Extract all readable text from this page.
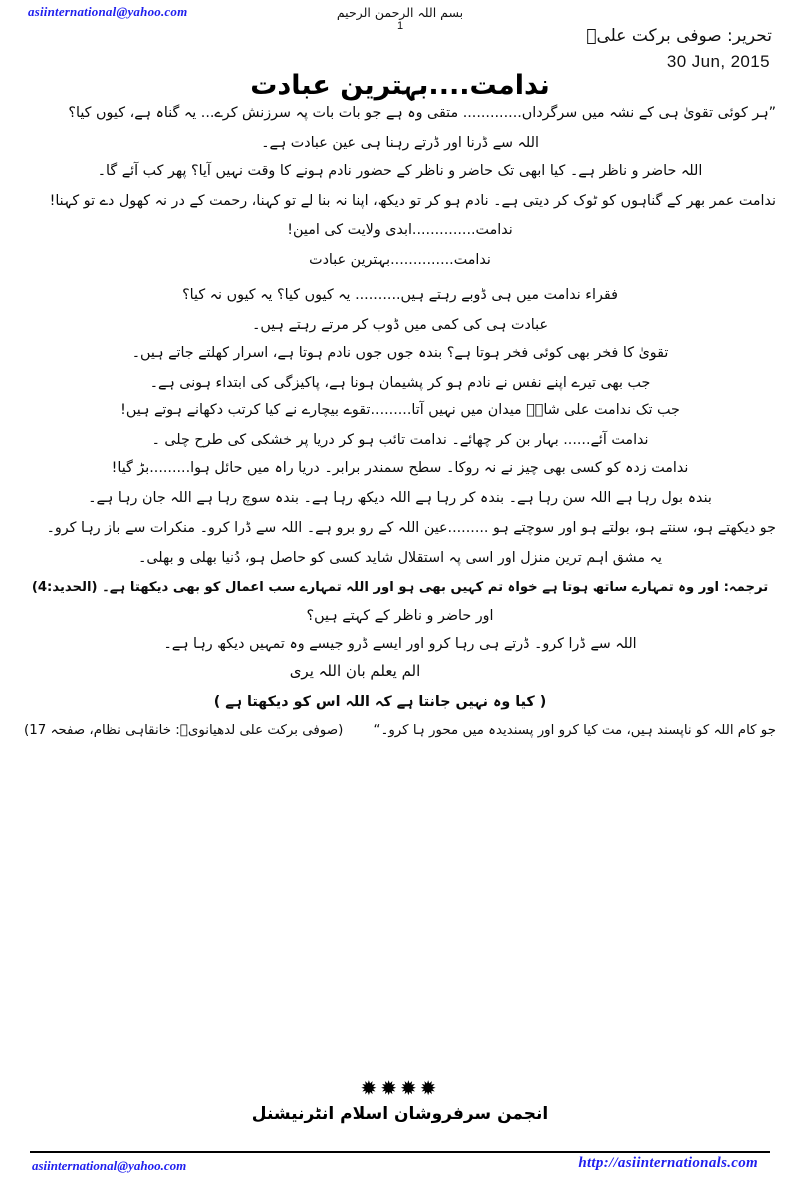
asiinternational@yahoo.com	بسم اللہ الرحمن الرحیم
1	تحریر: صوفی برکت علیؒ
30 Jun, 2015
ندامت....بہترین عبادت

”ہر کوئی تقویٰ ہی کے نشہ میں سرگرداں............. متقی وہ ہے جو بات بات پہ سرزنش کرے... یہ گناہ ہے، کیوں کیا؟

اللہ سے ڈرنا اور ڈرتے رہنا ہی عین عبادت ہے۔

اللہ حاضر و ناظر ہے۔ کیا ابھی تک حاضر و ناظر کے حضور نادم ہونے کا وقت نہیں آیا؟ پھر کب آئے گا۔

ندامت عمر بھر کے گناہوں کو ٹوک کر دیتی ہے۔ نادم ہو کر تو دیکھ، اپنا نہ بنا لے تو کہنا، رحمت کے در نہ کھول دے تو کہنا!

ندامت..............ابدی ولایت کی امین!

ندامت..............بہترین عبادت

فقراء ندامت میں ہی ڈوبے رہتے ہیں.......... یہ کیوں کیا؟ یہ کیوں نہ کیا؟

عبادت ہی کی کمی میں ڈوب کر مرتے رہتے ہیں۔

تقویٰ کا فخر بھی کوئی فخر ہوتا ہے؟ بندہ جوں جوں نادم ہوتا ہے، اسرار کھلتے جاتے ہیں۔

جب بھی تیرے اپنے نفس نے نادم ہو کر پشیمان ہونا ہے، پاکیزگی کی ابتداء ہونی ہے۔

جب تک ندامت علی شاہؑ میدان میں نہیں آتا.........تقوے بیچارے نے کیا کرتب دکھانے ہوتے ہیں!

ندامت آئے...... بہار بن کر چھائے۔ ندامت تائب ہو کر دریا پر خشکی کی طرح چلی ۔

ندامت زدہ کو کسی بھی چیز نے نہ روکا۔ سطح سمندر برابر۔ دریا راہ میں حائل ہوا.........بڑ گیا!

بندہ بول رہا ہے اللہ سن رہا ہے۔ بندہ کر رہا ہے اللہ دیکھ رہا ہے۔ بندہ سوچ رہا ہے اللہ جان رہا ہے۔

جو دیکھتے ہو، سنتے ہو، بولتے ہو اور سوچتے ہو .........عین اللہ کے رو برو ہے۔ اللہ سے ڈرا کرو۔ منکرات سے باز رہا کرو۔

یہ مشق اہم ترین منزل اور اسی پہ استقلال شاید کسی کو حاصل ہو، دُنیا بھلی و بھلی۔

ترجمہ: اور وہ تمہارے ساتھ ہوتا ہے خواہ تم کہیں بھی ہو اور اللہ تمہارے سب اعمال کو بھی دیکھتا ہے۔ (الحدید:4)

اور حاضر و ناظر کے کہتے ہیں؟

اللہ سے ڈرا کرو۔ ڈرتے ہی رہا کرو اور ایسے ڈرو جیسے وہ تمہیں دیکھ رہا ہے۔

الم یعلم بان اللہ یری

( کیا وہ نہیں جانتا ہے کہ اللہ اس کو دیکھتا ہے )

جو کام اللہ کو ناپسند ہیں، مت کیا کرو اور پسندیدہ میں محور ہا کرو۔“
(صوفی برکت علی لدھیانویؒ: خانقاہی نظام، صفحہ 17)
✹✹✹✹
انجمن سرفروشان اسلام انٹرنیشنل
asiinternational@yahoo.com	http://asiinternationals.com
